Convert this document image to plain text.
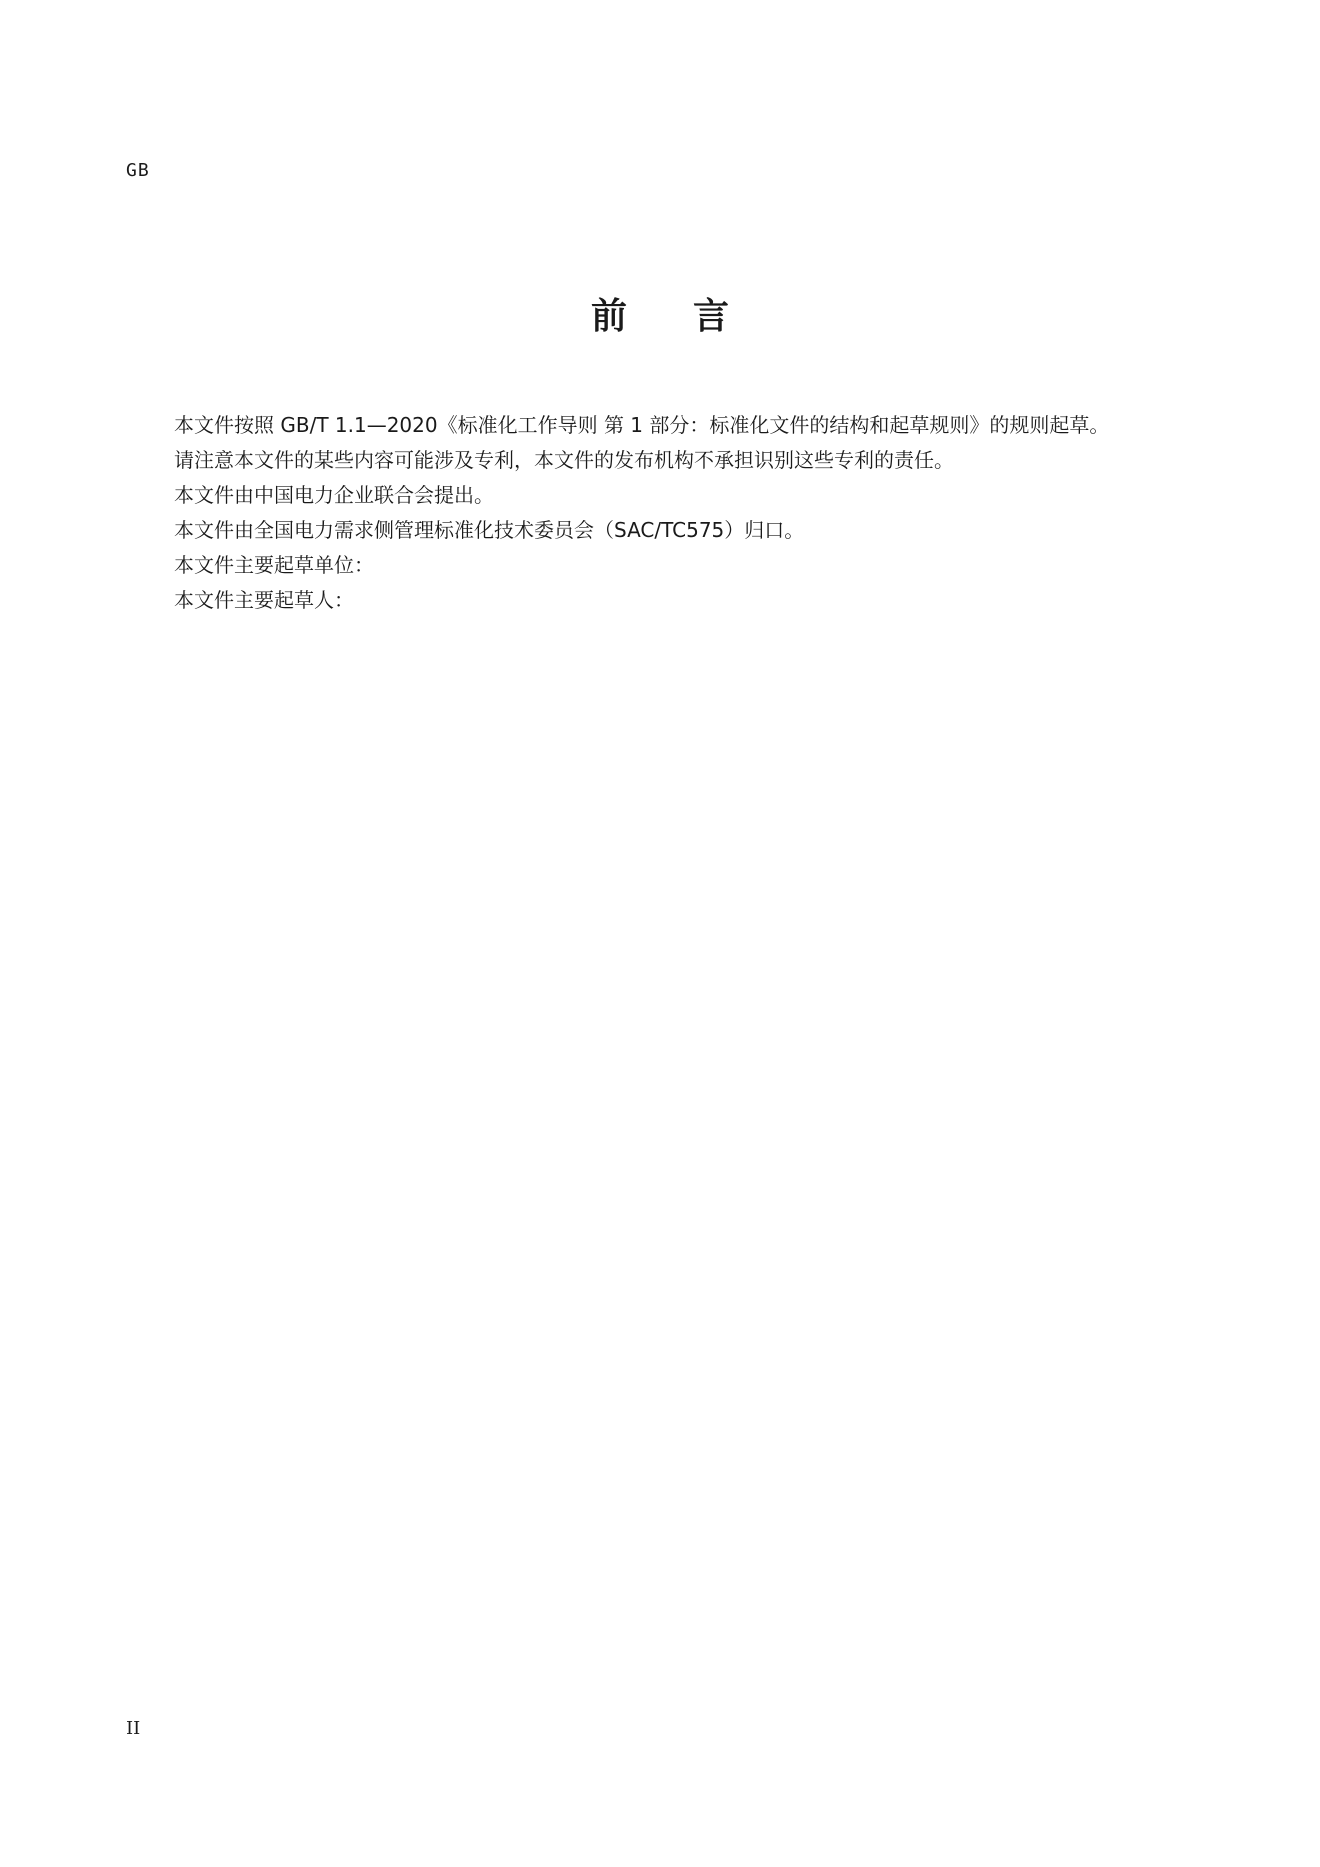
GB
前言

本文件按照 GB/T 1.1—2020《标准化工作导则 第 1 部分：标准化文件的结构和起草规则》的规则起草。

请注意本文件的某些内容可能涉及专利，本文件的发布机构不承担识别这些专利的责任。

本文件由中国电力企业联合会提出。

本文件由全国电力需求侧管理标准化技术委员会（SAC/TC575）归口。

本文件主要起草单位：

本文件主要起草人：

II
